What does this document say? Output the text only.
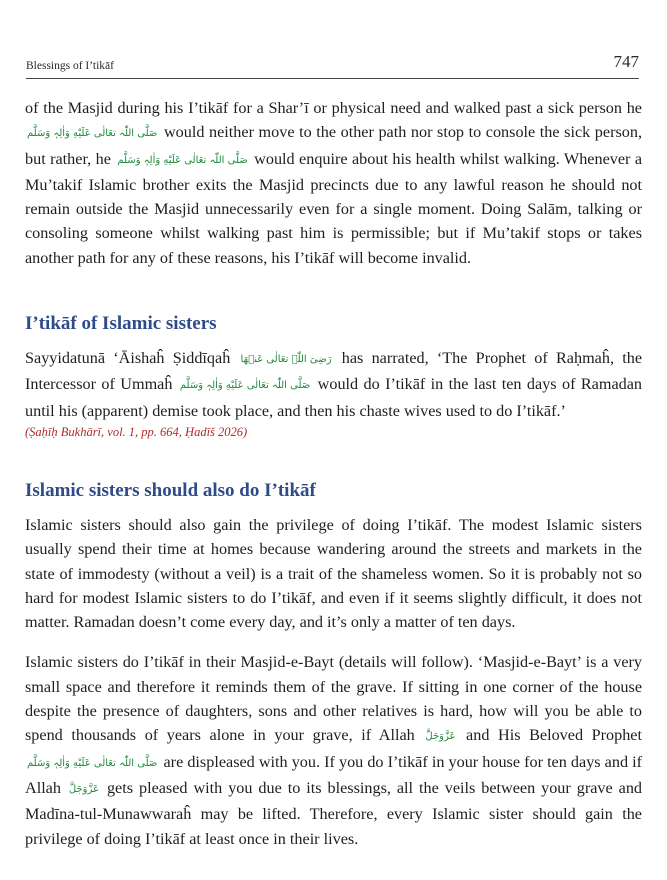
Blessings of I’tikāf	747

of the Masjid during his I’tikāf for a Shar’ī or physical need and walked past a sick person he صَلَّی اللّٰہ تعَالٰی عَلَیْهِ وَاٰلِہٖ وَسَلَّم would neither move to the other path nor stop to console the sick person, but rather, he صَلَّی اللّٰہ تعَالٰی عَلَیْهِ وَاٰلِہٖ وَسَلَّم would enquire about his health whilst walking. Whenever a Mu’takif Islamic brother exits the Masjid precincts due to any lawful reason he should not remain outside the Masjid unnecessarily even for a single moment. Doing Salām, talking or consoling someone whilst walking past him is permissible; but if Mu’takif stops or takes another path for any of these reasons, his I’tikāf will become invalid.

I’tikāf of Islamic sisters

Sayyidatunā ‘Āishaĥ Ṣiddīqaĥ رَضِیَ اللّٰہ تعَالٰی عَنۡهَا has narrated, ‘The Prophet of Raḥmaĥ, the Intercessor of Ummaĥ صَلَّی اللّٰہ تعَالٰی عَلَیْهِ وَاٰلِہٖ وَسَلَّم would do I’tikāf in the last ten days of Ramadan until his (apparent) demise took place, and then his chaste wives used to do I’tikāf.’

(Ṣaḥīḥ Bukhārī, vol. 1, pp. 664, Ḥadīš 2026)

Islamic sisters should also do I’tikāf

Islamic sisters should also gain the privilege of doing I’tikāf. The modest Islamic sisters usually spend their time at homes because wandering around the streets and markets in the state of immodesty (without a veil) is a trait of the shameless women. So it is probably not so hard for modest Islamic sisters to do I’tikāf, and even if it seems slightly difficult, it does not matter. Ramadan doesn’t come every day, and it’s only a matter of ten days.

Islamic sisters do I’tikāf in their Masjid-e-Bayt (details will follow). ‘Masjid-e-Bayt’ is a very small space and therefore it reminds them of the grave. If sitting in one corner of the house despite the presence of daughters, sons and other relatives is hard, how will you be able to spend thousands of years alone in your grave, if Allah عَزَّوَجَلَّ and His Beloved Prophet صَلَّی اللّٰہ تعَالٰی عَلَیْهِ وَاٰلِہٖ وَسَلَّم are displeased with you. If you do I’tikāf in your house for ten days and if Allah عَزَّوَجَلَّ gets pleased with you due to its blessings, all the veils between your grave and Madīna-tul-Munawwaraĥ may be lifted. Therefore, every Islamic sister should gain the privilege of doing I’tikāf at least once in their lives.
